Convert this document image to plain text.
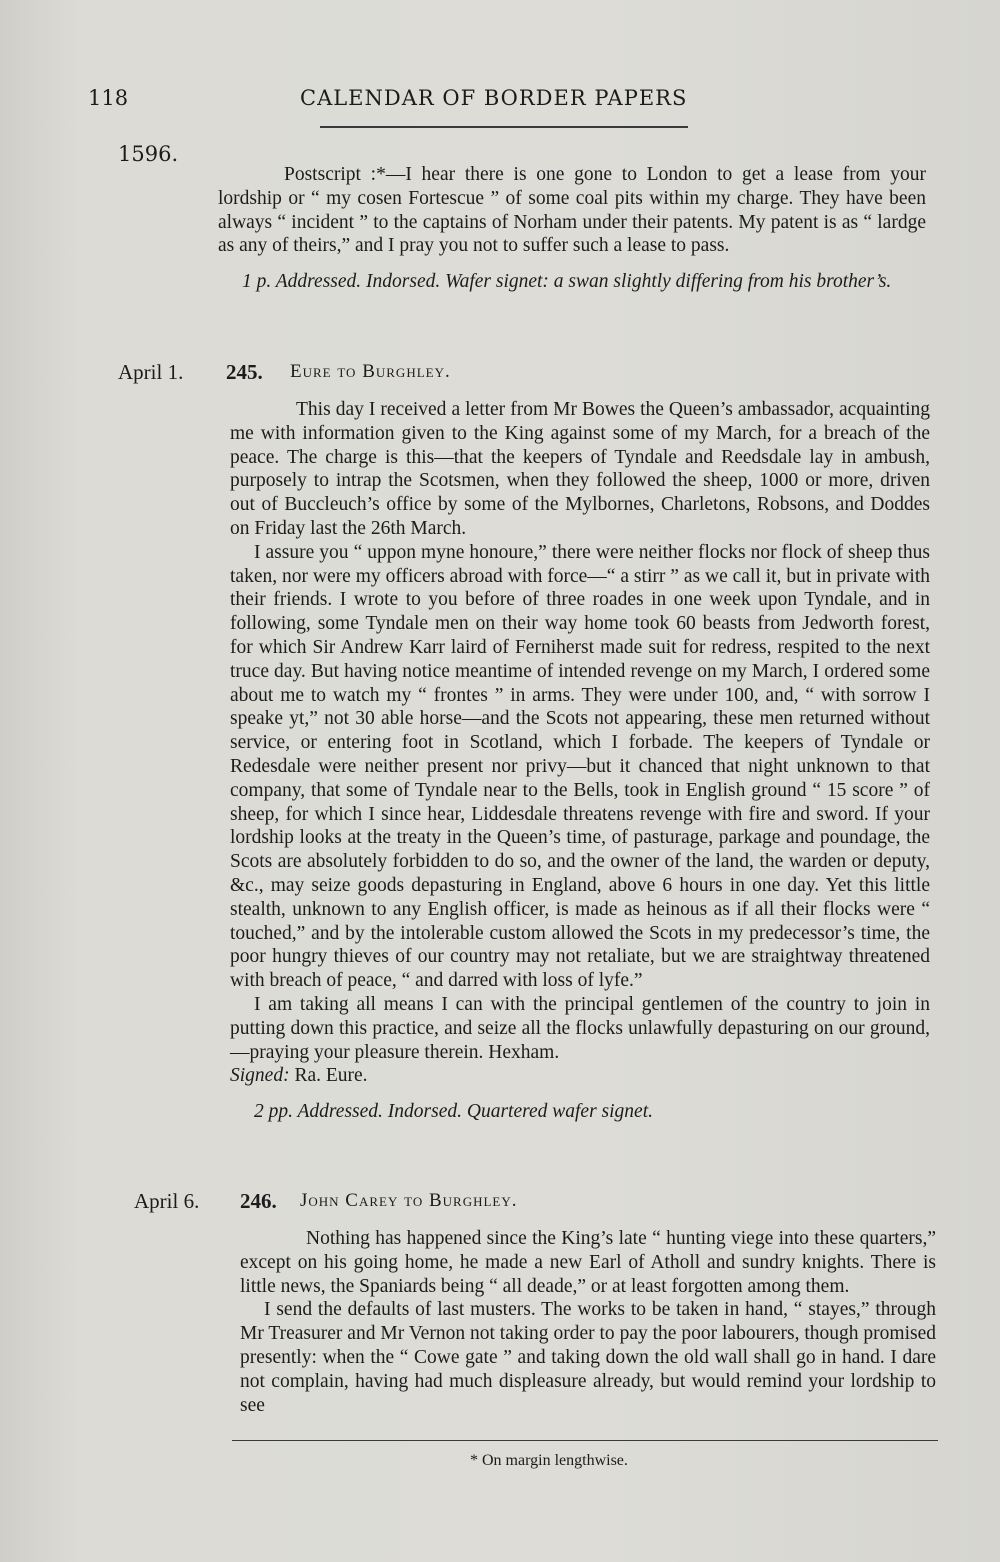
118	CALENDAR OF BORDER PAPERS
1596.

Postscript :*—I hear there is one gone to London to get a lease from your lordship or “ my cosen Fortescue ” of some coal pits within my charge. They have been always “ incident ” to the captains of Norham under their patents. My patent is as “ lardge as any of theirs,” and I pray you not to suffer such a lease to pass.

1 p. Addressed. Indorsed. Wafer signet: a swan slightly differing from his brother’s.

April 1. 245. Eure to Burghley.

This day I received a letter from Mr Bowes the Queen’s ambassador, acquainting me with information given to the King against some of my March, for a breach of the peace. The charge is this—that the keepers of Tyndale and Reedsdale lay in ambush, purposely to intrap the Scotsmen, when they followed the sheep, 1000 or more, driven out of Buccleuch’s office by some of the Mylbornes, Charletons, Robsons, and Doddes on Friday last the 26th March.

I assure you “ uppon myne honoure,” there were neither flocks nor flock of sheep thus taken, nor were my officers abroad with force—“ a stirr ” as we call it, but in private with their friends. I wrote to you before of three roades in one week upon Tyndale, and in following, some Tyndale men on their way home took 60 beasts from Jedworth forest, for which Sir Andrew Karr laird of Ferniherst made suit for redress, respited to the next truce day. But having notice meantime of intended revenge on my March, I ordered some about me to watch my “ frontes ” in arms. They were under 100, and, “ with sorrow I speake yt,” not 30 able horse—and the Scots not appearing, these men returned without service, or entering foot in Scotland, which I forbade. The keepers of Tyndale or Redesdale were neither present nor privy—but it chanced that night unknown to that company, that some of Tyndale near to the Bells, took in English ground “ 15 score ” of sheep, for which I since hear, Liddesdale threatens revenge with fire and sword. If your lordship looks at the treaty in the Queen’s time, of pasturage, parkage and poundage, the Scots are absolutely forbidden to do so, and the owner of the land, the warden or deputy, &c., may seize goods depasturing in England, above 6 hours in one day. Yet this little stealth, unknown to any English officer, is made as heinous as if all their flocks were “ touched,” and by the intolerable custom allowed the Scots in my predecessor’s time, the poor hungry thieves of our country may not retaliate, but we are straightway threatened with breach of peace, “ and darred with loss of lyfe.”

I am taking all means I can with the principal gentlemen of the country to join in putting down this practice, and seize all the flocks unlawfully depasturing on our ground,—praying your pleasure therein. Hexham.

Signed: Ra. Eure.

2 pp. Addressed. Indorsed. Quartered wafer signet.

April 6. 246. John Carey to Burghley.

Nothing has happened since the King’s late “ hunting viege into these quarters,” except on his going home, he made a new Earl of Atholl and sundry knights. There is little news, the Spaniards being “ all deade,” or at least forgotten among them.

I send the defaults of last musters. The works to be taken in hand, “ stayes,” through Mr Treasurer and Mr Vernon not taking order to pay the poor labourers, though promised presently: when the “ Cowe gate ” and taking down the old wall shall go in hand. I dare not complain, having had much displeasure already, but would remind your lordship to see

* On margin lengthwise.
